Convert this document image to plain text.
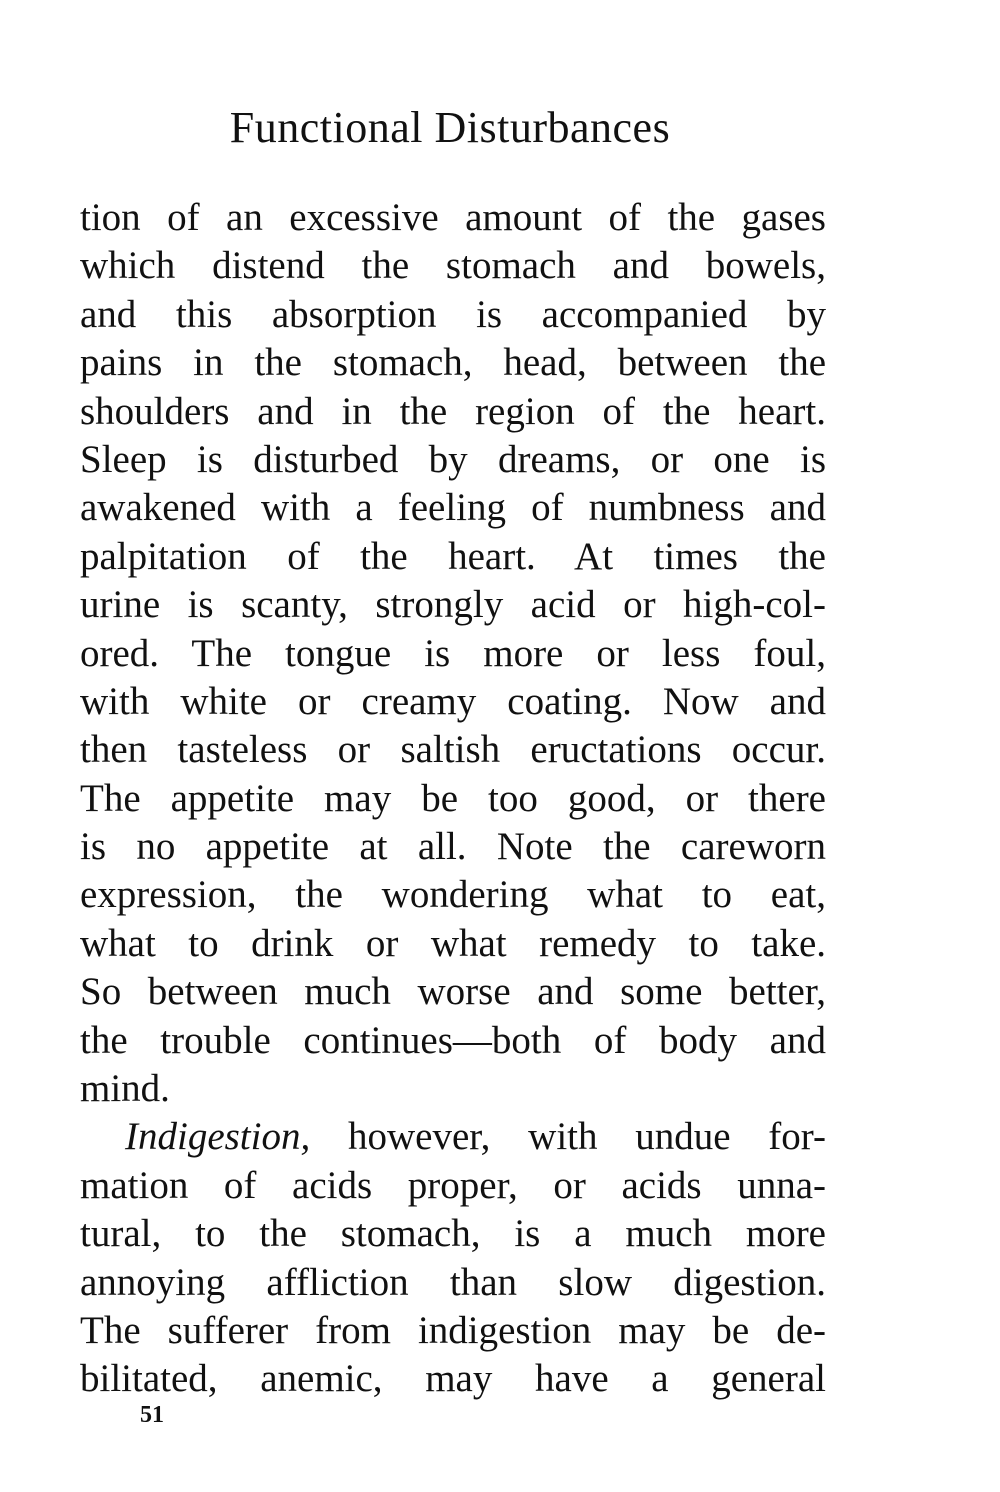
Functional Disturbances
tion of an excessive amount of the gases
which distend the stomach and bowels,
and this absorption is accompanied by
pains in the stomach, head, between the
shoulders and in the region of the heart.
Sleep is disturbed by dreams, or one is
awakened with a feeling of numbness and
palpitation of the heart. At times the
urine is scanty, strongly acid or high-col-
ored. The tongue is more or less foul,
with white or creamy coating. Now and
then tasteless or saltish eructations occur.
The appetite may be too good, or there
is no appetite at all. Note the careworn
expression, the wondering what to eat,
what to drink or what remedy to take.
So between much worse and some better,
the trouble continues—both of body and
mind.
Indigestion, however, with undue for-
mation of acids proper, or acids unna-
tural, to the stomach, is a much more
annoying affliction than slow digestion.
The sufferer from indigestion may be de-
bilitated, anemic, may have a general
51
